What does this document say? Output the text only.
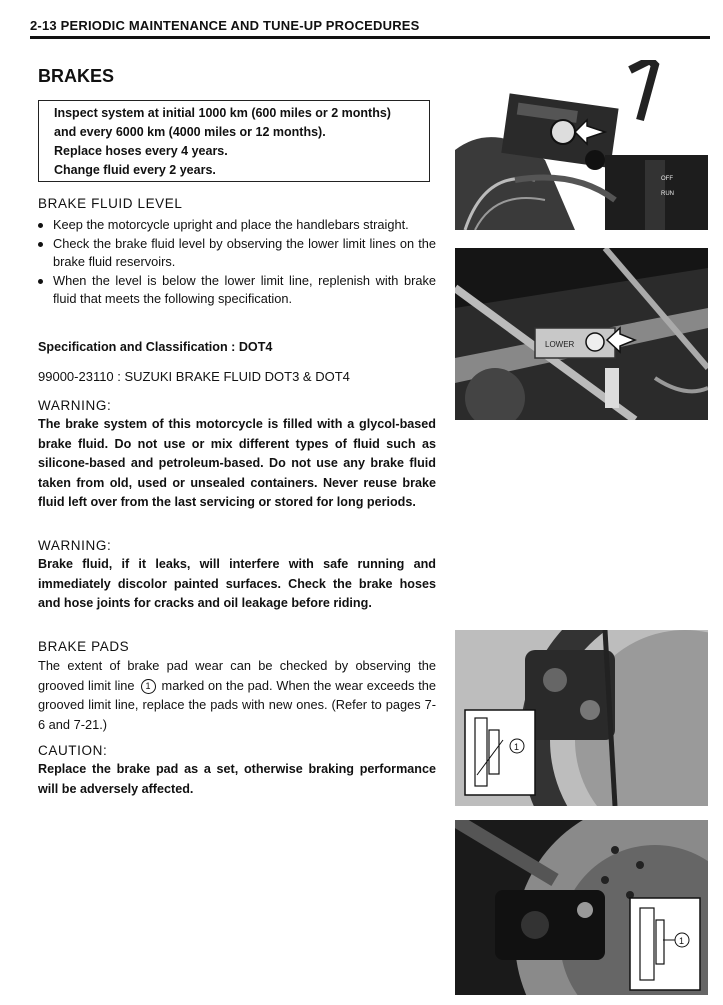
2-13 PERIODIC MAINTENANCE AND TUNE-UP PROCEDURES
BRAKES
Inspect system at initial 1000 km (600 miles or 2 months)
and every 6000 km (4000 miles or 12 months).
Replace hoses every 4 years.
Change fluid every 2 years.
BRAKE FLUID LEVEL
Keep the motorcycle upright and place the handlebars straight.
Check the brake fluid level by observing the lower limit lines on the brake fluid reservoirs.
When the level is below the lower limit line, replenish with brake fluid that meets the following specification.
Specification and Classification : DOT4
99000-23110 : SUZUKI BRAKE FLUID DOT3 & DOT4
WARNING:
The brake system of this motorcycle is filled with a glycol-based brake fluid. Do not use or mix different types of fluid such as silicone-based and petroleum-based. Do not use any brake fluid taken from old, used or unsealed containers. Never reuse brake fluid left over from the last servicing or stored for long periods.
WARNING:
Brake fluid, if it leaks, will interfere with safe running and immediately discolor painted surfaces. Check the brake hoses and hose joints for cracks and oil leakage before riding.
BRAKE PADS
The extent of brake pad wear can be checked by observing the grooved limit line 1 marked on the pad. When the wear exceeds the grooved limit line, replace the pads with new ones. (Refer to pages 7-6 and 7-21.)
CAUTION:
Replace the brake pad as a set, otherwise braking performance will be adversely affected.
OFF
RUN
LOWER
1
1
